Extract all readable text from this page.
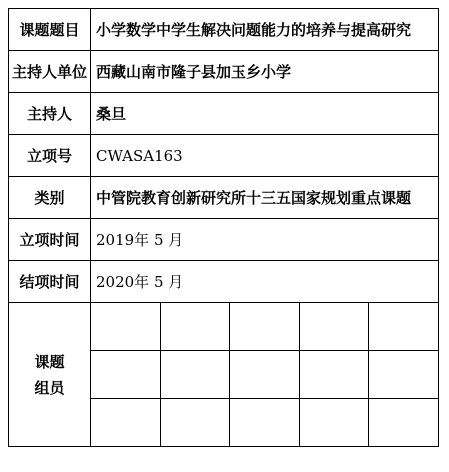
课题题目	小学数学中学生解决问题能力的培养与提高研究				
主持人单位	西藏山南市隆子县加玉乡小学				
主持人	桑旦				
立项号	CWASA163				
类别	中管院教育创新研究所十三五国家规划重点课题				
立项时间	2019年 5 月				
结项时间	2020年 5 月				

课题
组员					
